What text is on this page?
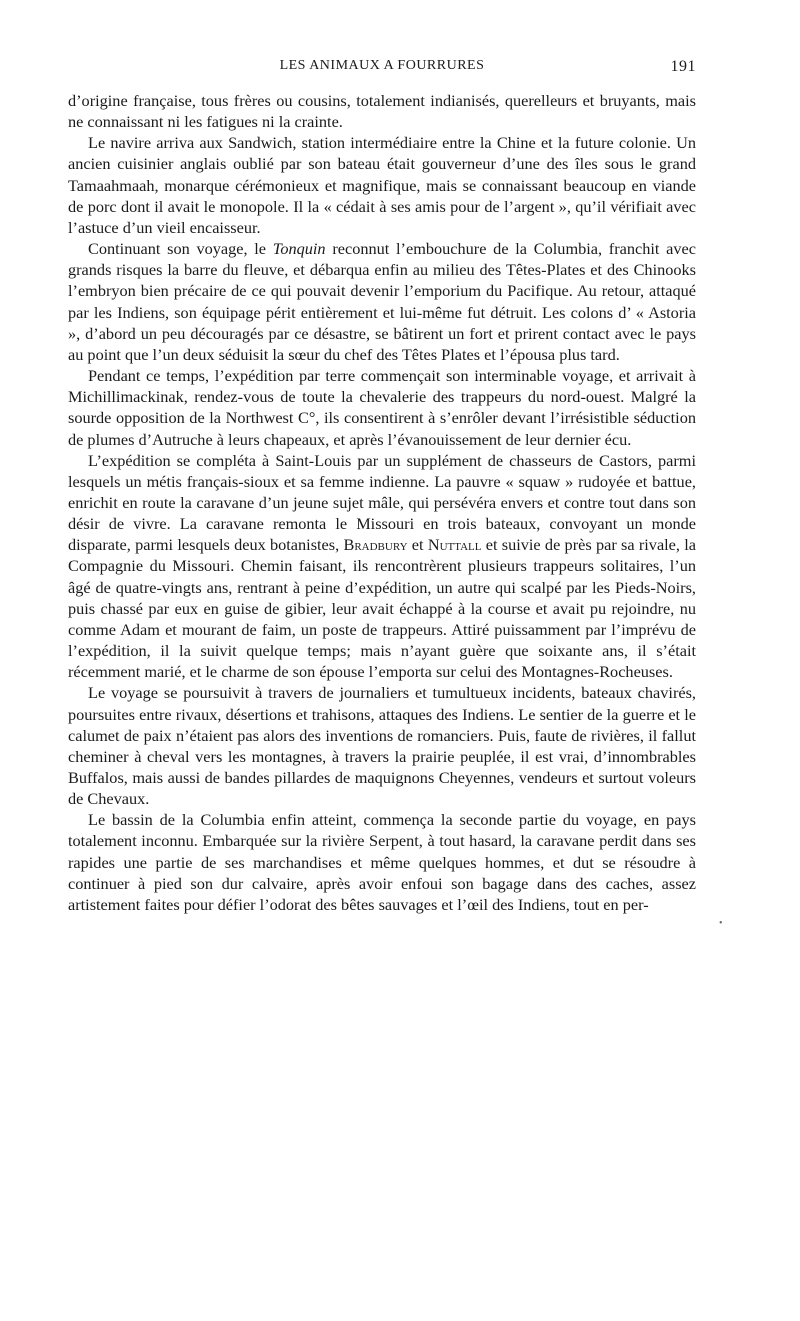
LES ANIMAUX A FOURRURES	191

d’origine française, tous frères ou cousins, totalement indianisés, querelleurs et bruyants, mais ne connaissant ni les fatigues ni la crainte.

Le navire arriva aux Sandwich, station intermédiaire entre la Chine et la future colonie. Un ancien cuisinier anglais oublié par son bateau était gouverneur d’une des îles sous le grand Tamaahmaah, monarque cérémonieux et magnifique, mais se connaissant beaucoup en viande de porc dont il avait le monopole. Il la « cédait à ses amis pour de l’argent », qu’il vérifiait avec l’astuce d’un vieil encaisseur.

Continuant son voyage, le Tonquin reconnut l’embouchure de la Columbia, franchit avec grands risques la barre du fleuve, et débarqua enfin au milieu des Têtes-Plates et des Chinooks l’embryon bien précaire de ce qui pouvait devenir l’emporium du Pacifique. Au retour, attaqué par les Indiens, son équipage périt entièrement et lui-même fut détruit. Les colons d’ « Astoria », d’abord un peu découragés par ce désastre, se bâtirent un fort et prirent contact avec le pays au point que l’un deux séduisit la sœur du chef des Têtes Plates et l’épousa plus tard.

Pendant ce temps, l’expédition par terre commençait son interminable voyage, et arrivait à Michillimackinak, rendez-vous de toute la chevalerie des trappeurs du nord-ouest. Malgré la sourde opposition de la Northwest C°, ils consentirent à s’enrôler devant l’irrésistible séduction de plumes d’Autruche à leurs chapeaux, et après l’évanouissement de leur dernier écu.

L’expédition se compléta à Saint-Louis par un supplément de chasseurs de Castors, parmi lesquels un métis français-sioux et sa femme indienne. La pauvre « squaw » rudoyée et battue, enrichit en route la caravane d’un jeune sujet mâle, qui persévéra envers et contre tout dans son désir de vivre. La caravane remonta le Missouri en trois bateaux, convoyant un monde disparate, parmi lesquels deux botanistes, Bradbury et Nuttall et suivie de près par sa rivale, la Compagnie du Missouri. Chemin faisant, ils rencontrèrent plusieurs trappeurs solitaires, l’un âgé de quatre-vingts ans, rentrant à peine d’expédition, un autre qui scalpé par les Pieds-Noirs, puis chassé par eux en guise de gibier, leur avait échappé à la course et avait pu rejoindre, nu comme Adam et mourant de faim, un poste de trappeurs. Attiré puissamment par l’imprévu de l’expédition, il la suivit quelque temps; mais n’ayant guère que soixante ans, il s’était récemment marié, et le charme de son épouse l’emporta sur celui des Montagnes-Rocheuses.

Le voyage se poursuivit à travers de journaliers et tumultueux incidents, bateaux chavirés, poursuites entre rivaux, désertions et trahisons, attaques des Indiens. Le sentier de la guerre et le calumet de paix n’étaient pas alors des inventions de romanciers. Puis, faute de rivières, il fallut cheminer à cheval vers les montagnes, à travers la prairie peuplée, il est vrai, d’innombrables Buffalos, mais aussi de bandes pillardes de maquignons Cheyennes, vendeurs et surtout voleurs de Chevaux.

Le bassin de la Columbia enfin atteint, commença la seconde partie du voyage, en pays totalement inconnu. Embarquée sur la rivière Serpent, à tout hasard, la caravane perdit dans ses rapides une partie de ses marchandises et même quelques hommes, et dut se résoudre à continuer à pied son dur calvaire, après avoir enfoui son bagage dans des caches, assez artistement faites pour défier l’odorat des bêtes sauvages et l’œil des Indiens, tout en per-

•
